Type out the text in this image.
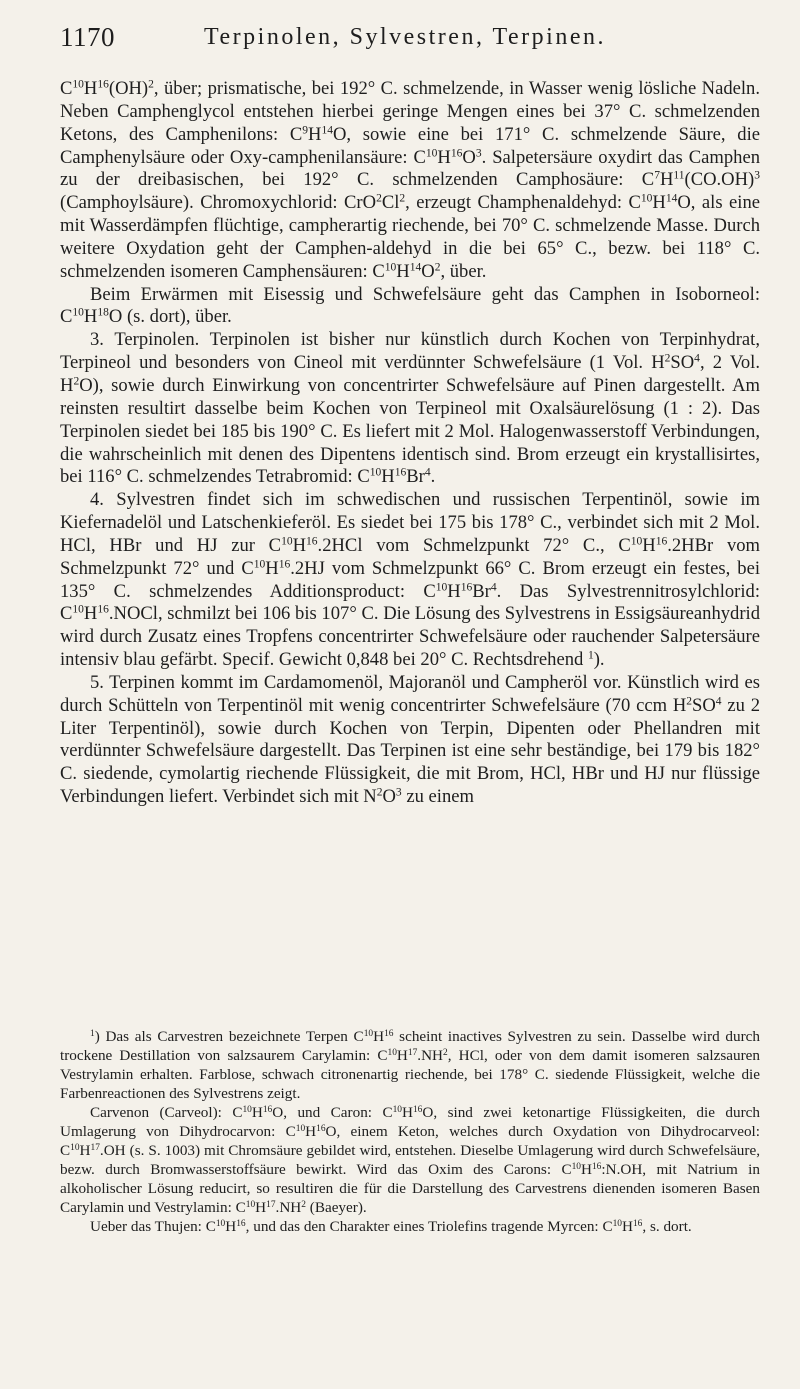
1170	Terpinolen, Sylvestren, Terpinen.

$C^{10}H^{16}(OH)^2$, über; prismatische, bei 192° C. schmelzende, in Wasser wenig lösliche Nadeln. Neben Camphenglycol entstehen hierbei geringe Mengen eines bei 37° C. schmelzenden Ketons, des Camphenilons: $C^9H^{14}O$, sowie eine bei 171° C. schmelzende Säure, die Camphenylsäure oder Oxy-camphenilansäure: $C^{10}H^{16}O^3$. Salpetersäure oxydirt das Camphen zu der dreibasischen, bei 192° C. schmelzenden Camphosäure: $C^7H^{11}(CO.OH)^3$ (Camphoylsäure). Chromoxychlorid: CrO$^2$Cl$^2$, erzeugt Champhenaldehyd: $C^{10}H^{14}O$, als eine mit Wasserdämpfen flüchtige, campherartig riechende, bei 70° C. schmelzende Masse. Durch weitere Oxydation geht der Camphen-aldehyd in die bei 65° C., bezw. bei 118° C. schmelzenden isomeren Camphensäuren: $C^{10}H^{14}O^2$, über.

Beim Erwärmen mit Eisessig und Schwefelsäure geht das Camphen in Isoborneol: $C^{10}H^{18}O$ (s. dort), über.

3. Terpinolen. Terpinolen ist bisher nur künstlich durch Kochen von Terpinhydrat, Terpineol und besonders von Cineol mit verdünnter Schwefelsäure (1 Vol. $H^2SO^4$, 2 Vol. $H^2O$), sowie durch Einwirkung von concentrirter Schwefelsäure auf Pinen dargestellt. Am reinsten resultirt dasselbe beim Kochen von Terpineol mit Oxalsäurelösung (1 : 2). Das Terpinolen siedet bei 185 bis 190° C. Es liefert mit 2 Mol. Halogenwasserstoff Verbindungen, die wahrscheinlich mit denen des Dipentens identisch sind. Brom erzeugt ein krystallisirtes, bei 116° C. schmelzendes Tetrabromid: $C^{10}H^{16}Br^4$.

4. Sylvestren findet sich im schwedischen und russischen Terpentinöl, sowie im Kiefernadelöl und Latschenkieferöl. Es siedet bei 175 bis 178° C., verbindet sich mit 2 Mol. HCl, HBr und HJ zur $C^{10}H^{16}.2HCl$ vom Schmelzpunkt 72° C., $C^{10}H^{16}.2HBr$ vom Schmelzpunkt 72° und $C^{10}H^{16}.2HJ$ vom Schmelzpunkt 66° C. Brom erzeugt ein festes, bei 135° C. schmelzendes Additionsproduct: $C^{10}H^{16}Br^4$. Das Sylvestrennitrosylchlorid: $C^{10}H^{16}.NOCl$, schmilzt bei 106 bis 107° C. Die Lösung des Sylvestrens in Essigsäureanhydrid wird durch Zusatz eines Tropfens concentrirter Schwefelsäure oder rauchender Salpetersäure intensiv blau gefärbt. Specif. Gewicht 0,848 bei 20° C. Rechtsdrehend $^1$).

5. Terpinen kommt im Cardamomenöl, Majoranöl und Campheröl vor. Künstlich wird es durch Schütteln von Terpentinöl mit wenig concentrirter Schwefelsäure (70 ccm $H^2SO^4$ zu 2 Liter Terpentinöl), sowie durch Kochen von Terpin, Dipenten oder Phellandren mit verdünnter Schwefelsäure dargestellt. Das Terpinen ist eine sehr beständige, bei 179 bis 182° C. siedende, cymolartig riechende Flüssigkeit, die mit Brom, HCl, HBr und HJ nur flüssige Verbindungen liefert. Verbindet sich mit $N^2O^3$ zu einem

$^1$) Das als Carvestren bezeichnete Terpen $C^{10}H^{16}$ scheint inactives Sylvestren zu sein. Dasselbe wird durch trockene Destillation von salzsaurem Carylamin: $C^{10}H^{17}.NH^2$, HCl, oder von dem damit isomeren salzsauren Vestrylamin erhalten. Farblose, schwach citronenartig riechende, bei 178° C. siedende Flüssigkeit, welche die Farbenreactionen des Sylvestrens zeigt.

Carvenon (Carveol): $C^{10}H^{16}O$, und Caron: $C^{10}H^{16}O$, sind zwei ketonartige Flüssigkeiten, die durch Umlagerung von Dihydrocarvon: $C^{10}H^{16}O$, einem Keton, welches durch Oxydation von Dihydrocarveol: $C^{10}H^{17}.OH$ (s. S. 1003) mit Chromsäure gebildet wird, entstehen. Dieselbe Umlagerung wird durch Schwefelsäure, bezw. durch Bromwasserstoffsäure bewirkt. Wird das Oxim des Carons: $C^{10}H^{16}:N.OH$, mit Natrium in alkoholischer Lösung reducirt, so resultiren die für die Darstellung des Carvestrens dienenden isomeren Basen Carylamin und Vestrylamin: $C^{10}H^{17}.NH^2$ (Baeyer).

Ueber das Thujen: $C^{10}H^{16}$, und das den Charakter eines Triolefins tragende Myrcen: $C^{10}H^{16}$, s. dort.
